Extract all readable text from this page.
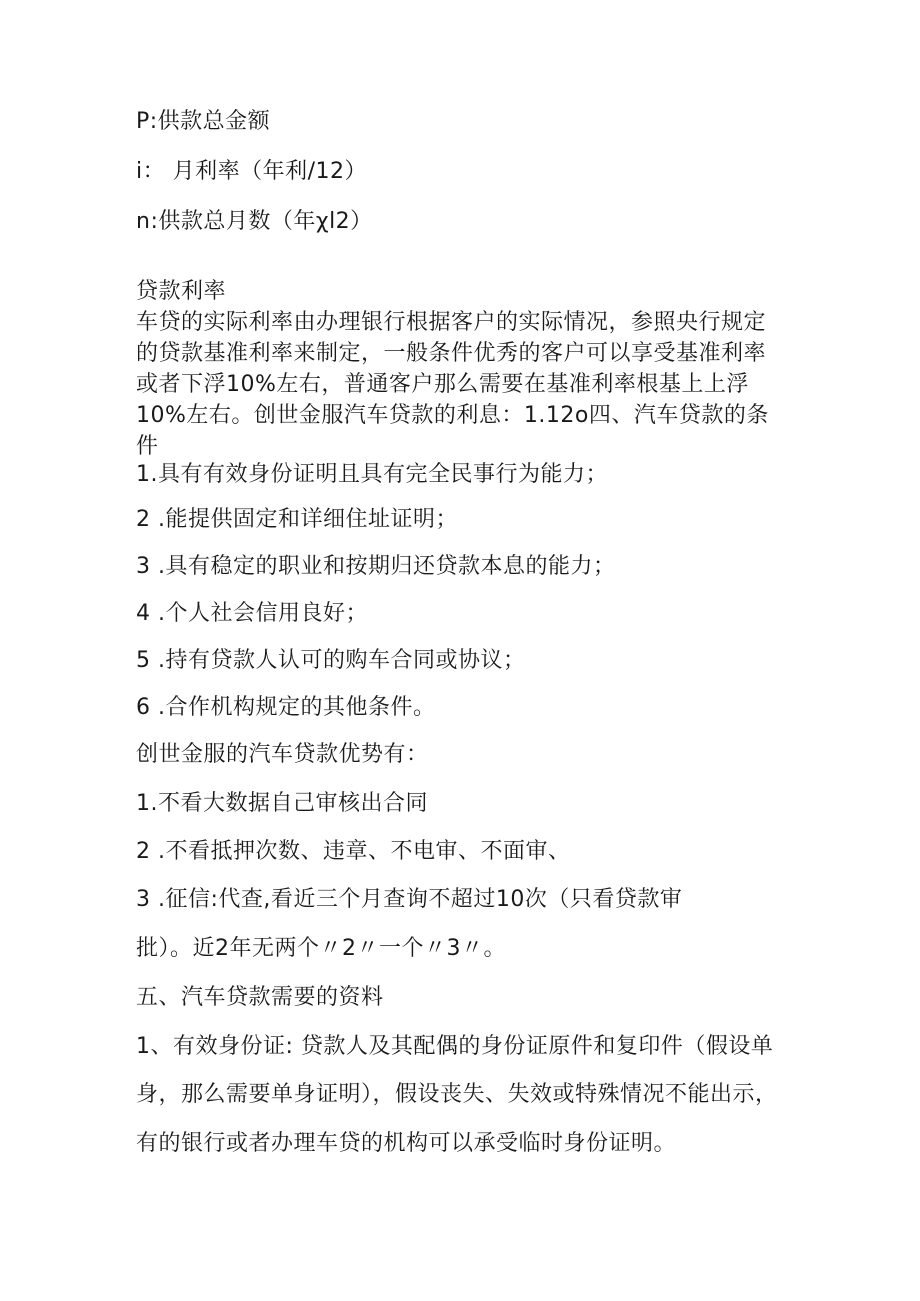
P:供款总金额
i： 月利率（年利/12）
n:供款总月数（年χl2）
贷款利率
车贷的实际利率由办理银行根据客户的实际情况，参照央行规定
的贷款基准利率来制定，一般条件优秀的客户可以享受基准利率
或者下浮10%左右，普通客户那么需要在基准利率根基上上浮
10%左右。创世金服汽车贷款的利息：1.12o四、汽车贷款的条
件
1.具有有效身份证明且具有完全民事行为能力；
2 .能提供固定和详细住址证明；
3 .具有稳定的职业和按期归还贷款本息的能力；
4 .个人社会信用良好；
5 .持有贷款人认可的购车合同或协议；
6 .合作机构规定的其他条件。
创世金服的汽车贷款优势有：
1.不看大数据自己审核出合同
2 .不看抵押次数、违章、不电审、不面审、
3 .征信:代查,看近三个月查询不超过10次（只看贷款审
批）。近2年无两个〃2〃一个〃3〃。
五、汽车贷款需要的资料
1、有效身份证: 贷款人及其配偶的身份证原件和复印件（假设单
身，那么需要单身证明），假设丧失、失效或特殊情况不能出示，
有的银行或者办理车贷的机构可以承受临时身份证明。
